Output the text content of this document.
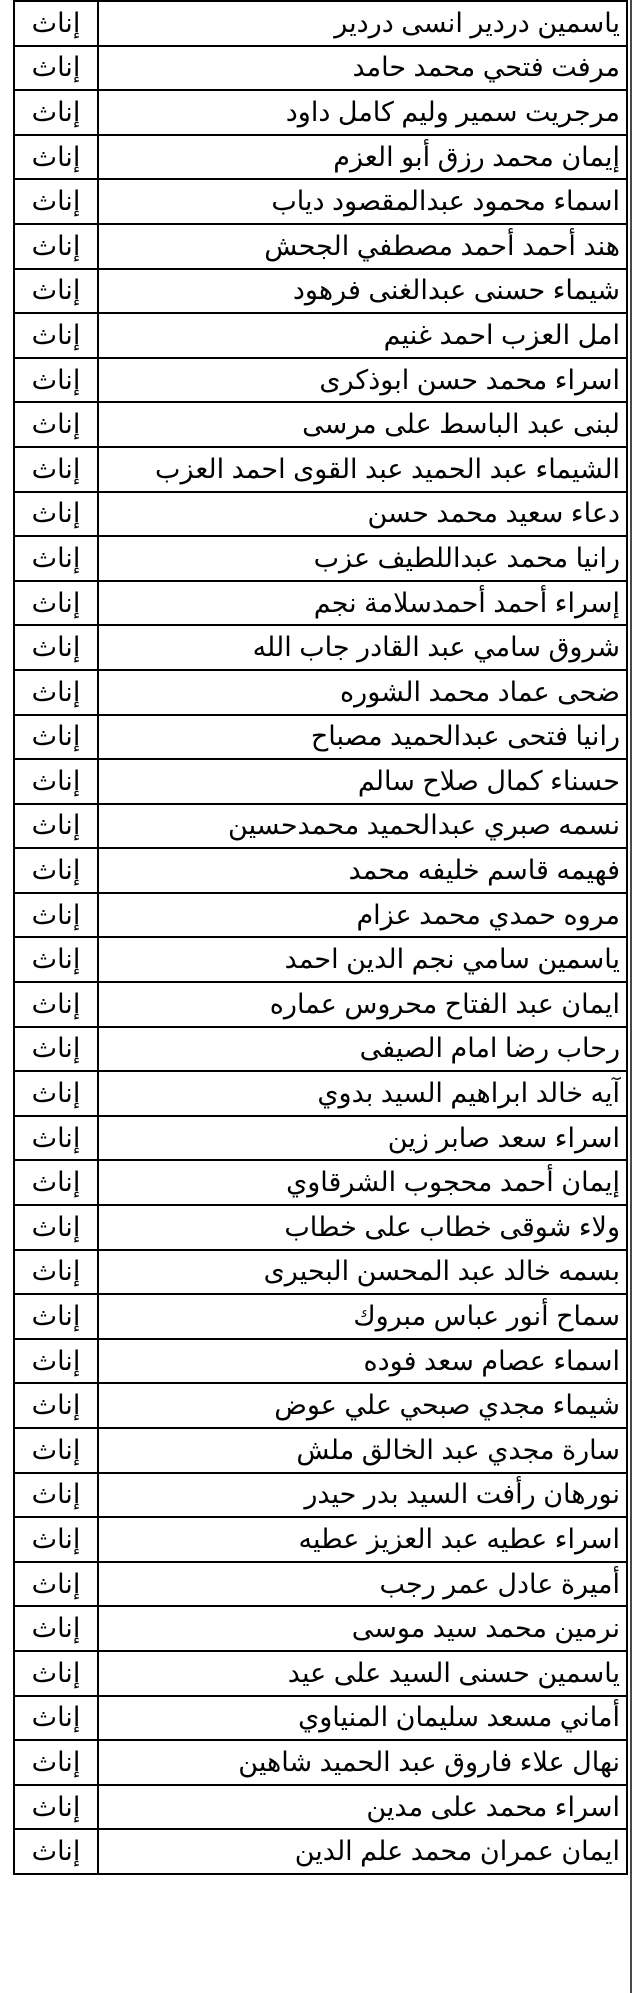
إناث	ياسمين دردير انسى دردير
إناث	مرفت فتحي محمد حامد
إناث	مرجريت سمير وليم كامل داود
إناث	إيمان محمد رزق أبو العزم
إناث	اسماء محمود عبدالمقصود دياب
إناث	هند أحمد أحمد مصطفي الجحش
إناث	شيماء حسنى عبدالغنى فرهود
إناث	امل العزب احمد غنيم
إناث	اسراء محمد حسن ابوذكرى
إناث	لبنى عبد الباسط على مرسى
إناث	الشيماء عبد الحميد عبد القوى احمد العزب
إناث	دعاء سعيد محمد حسن
إناث	رانيا محمد عبداللطيف عزب
إناث	إسراء أحمد أحمدسلامة نجم
إناث	شروق سامي عبد القادر جاب الله
إناث	ضحى عماد محمد الشوره
إناث	رانيا فتحى عبدالحميد مصباح
إناث	حسناء كمال صلاح سالم
إناث	نسمه صبري عبدالحميد محمدحسين
إناث	فهيمه قاسم خليفه محمد
إناث	مروه حمدي محمد عزام
إناث	ياسمين سامي نجم الدين احمد
إناث	ايمان عبد الفتاح محروس عماره
إناث	رحاب رضا امام الصيفى
إناث	آيه خالد ابراهيم السيد بدوي
إناث	اسراء سعد صابر زين
إناث	إيمان أحمد محجوب الشرقاوي
إناث	ولاء شوقى خطاب على خطاب
إناث	بسمه خالد عبد المحسن البحيرى
إناث	سماح أنور عباس مبروك
إناث	اسماء عصام سعد فوده
إناث	شيماء مجدي صبحي علي عوض
إناث	سارة مجدي عبد الخالق ملش
إناث	نورهان رأفت السيد بدر حيدر
إناث	اسراء عطيه عبد العزيز عطيه
إناث	أميرة عادل عمر رجب
إناث	نرمين محمد سيد موسى
إناث	ياسمين حسنى السيد على عيد
إناث	أماني مسعد سليمان المنياوي
إناث	نهال علاء فاروق عبد الحميد شاهين
إناث	اسراء محمد على مدين
إناث	ايمان عمران محمد علم الدين
